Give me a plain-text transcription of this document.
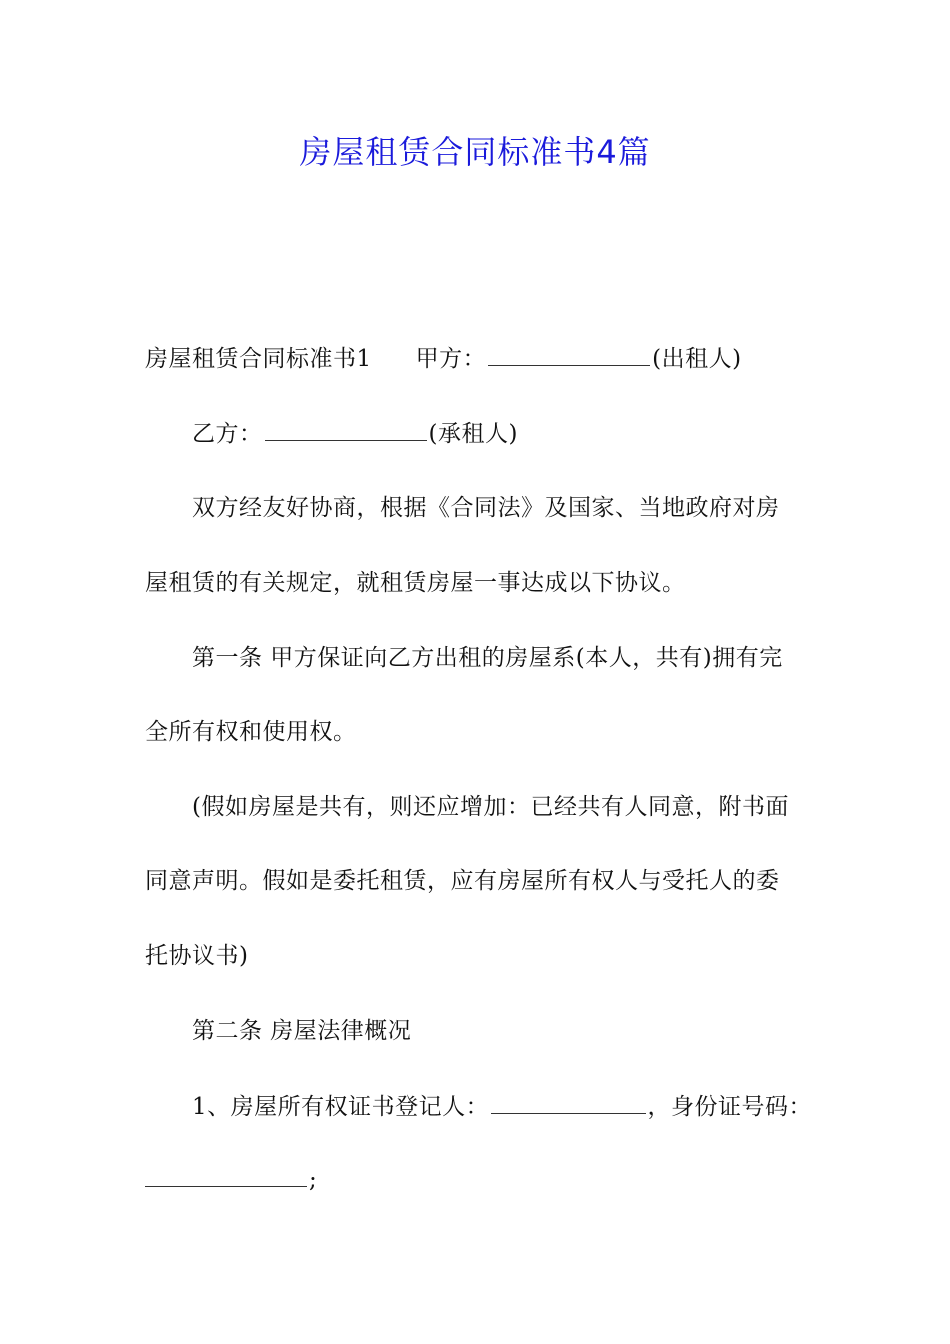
房屋租赁合同标准书4篇
房屋租赁合同标准书1 甲方：	(出租人)
乙方：	(承租人)
双方经友好协商，根据《合同法》及国家、当地政府对房
屋租赁的有关规定，就租赁房屋一事达成以下协议。
第一条 甲方保证向乙方出租的房屋系(本人，共有)拥有完
全所有权和使用权。
(假如房屋是共有，则还应增加：已经共有人同意，附书面
同意声明。假如是委托租赁，应有房屋所有权人与受托人的委
托协议书)
第二条 房屋法律概况
1、房屋所有权证书登记人：	，身份证号码：
;
